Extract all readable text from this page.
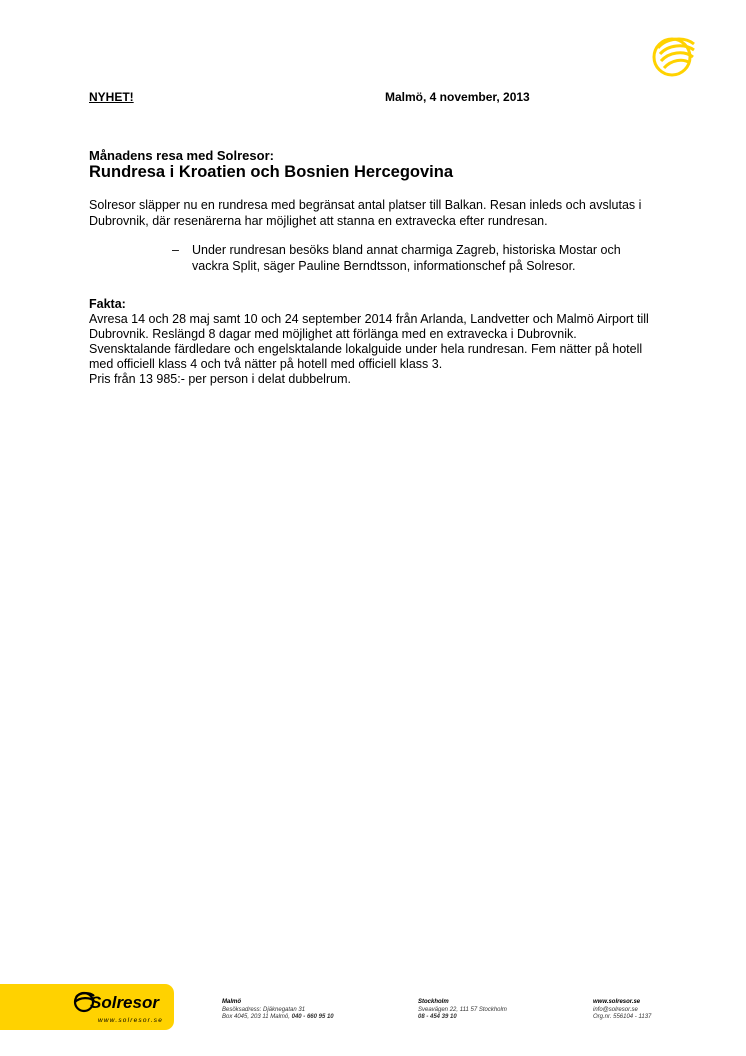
NYHET!	Malmö, 4 november, 2013
Månadens resa med Solresor:
Rundresa i Kroatien och Bosnien Hercegovina
Solresor släpper nu en rundresa med begränsat antal platser till Balkan. Resan inleds och avslutas i
Dubrovnik, där resenärerna har möjlighet att stanna en extravecka efter rundresan.
–	Under rundresan besöks bland annat charmiga Zagreb, historiska Mostar och
vackra Split, säger Pauline Berndtsson, informationschef på Solresor.
Fakta:
Avresa 14 och 28 maj samt 10 och 24 september 2014 från Arlanda, Landvetter och Malmö Airport till
Dubrovnik. Reslängd 8 dagar med möjlighet att förlänga med en extravecka i Dubrovnik.
Svensktalande färdledare och engelsktalande lokalguide under hela rundresan. Fem nätter på hotell
med officiell klass 4 och två nätter på hotell med officiell klass 3.
Pris från 13 985:- per person i delat dubbelrum.
Solresor
www.solresor.se
Malmö
Besöksadress: Djäknegatan 31
Box 4045, 203 11 Malmö, 040 - 660 95 10
Stockholm
Sveavägen 22, 111 57 Stockholm
08 - 454 39 10
www.solresor.se
info@solresor.se
Org.nr. 556104 - 1137
